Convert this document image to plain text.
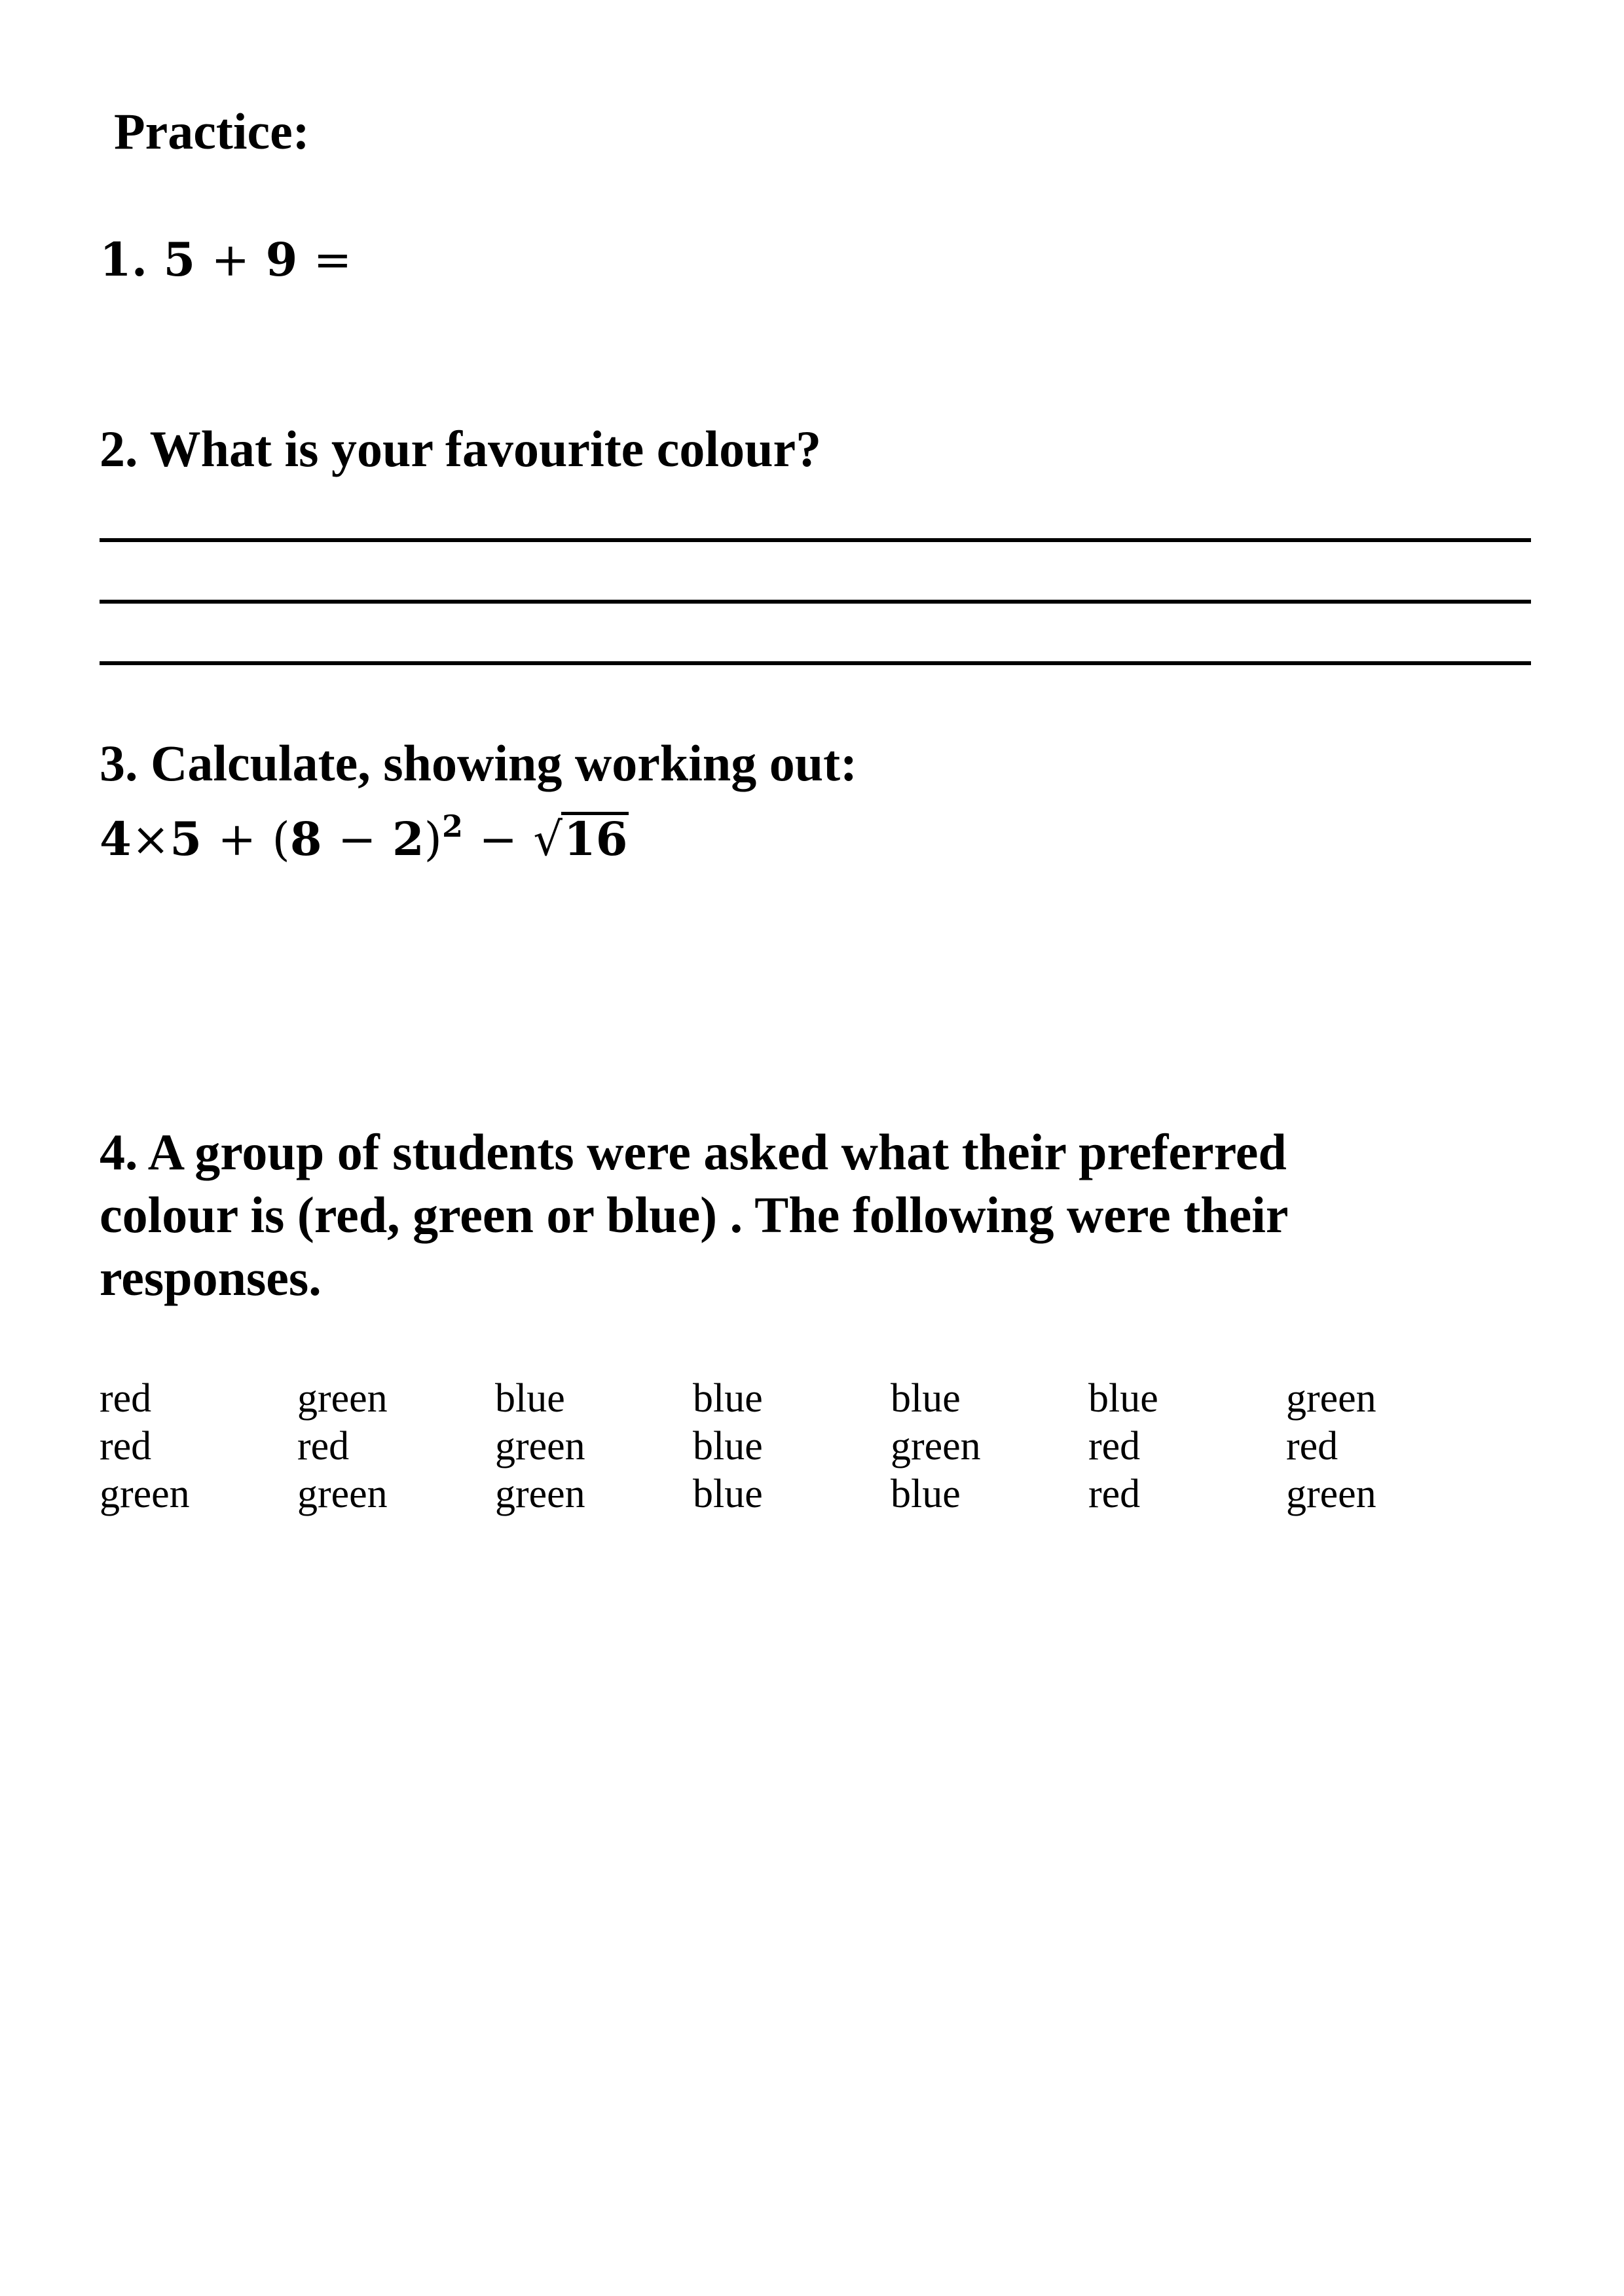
Practice:
1. 5 + 9 =
2. What is your favourite colour?
3. Calculate, showing working out:
$4\times 5 + (8 - 2)^2 - √16$
4. A group of students were asked what their preferred
colour is (red, green or blue) . The following were their
responses.
red	green	blue	blue	blue	blue	green
red	red	green	blue	green	red	red
green	green	green	blue	blue	red	green
